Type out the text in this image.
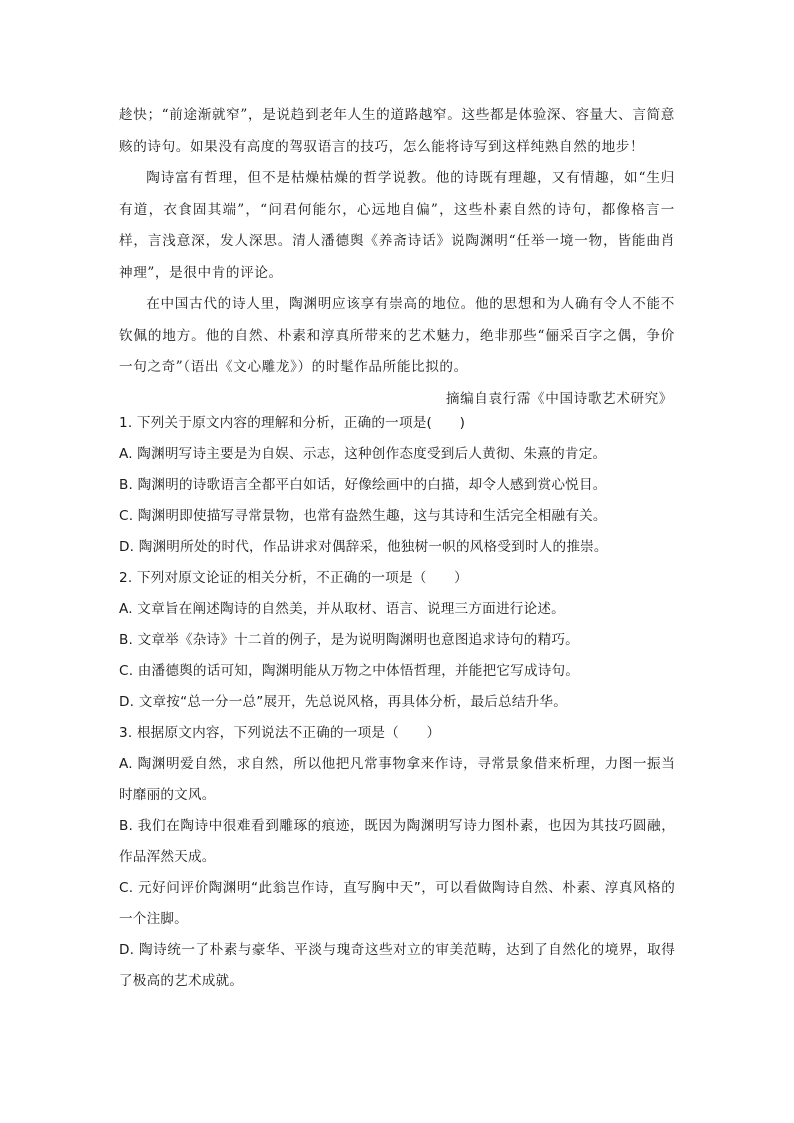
趁快；“前途渐就窄”，是说趋到老年人生的道路越窄。这些都是体验深、容量大、言简意赅的诗句。如果没有高度的驾驭语言的技巧，怎么能将诗写到这样纯熟自然的地步！

陶诗富有哲理，但不是枯燥枯燥的哲学说教。他的诗既有理趣，又有情趣，如“生归有道，衣食固其端”，“问君何能尔，心远地自偏”，这些朴素自然的诗句，都像格言一样，言浅意深，发人深思。清人潘德舆《养斋诗话》说陶渊明“任举一境一物，皆能曲肖神理”，是很中肯的评论。

在中国古代的诗人里，陶渊明应该享有崇高的地位。他的思想和为人确有令人不能不钦佩的地方。他的自然、朴素和淳真所带来的艺术魅力，绝非那些“俪采百字之偶，争价一句之奇”（语出《文心雕龙》）的时髦作品所能比拟的。

摘编自袁行霈《中国诗歌艺术研究》

1. 下列关于原文内容的理解和分析，正确的一项是(　　)

A. 陶渊明写诗主要是为自娱、示志，这种创作态度受到后人黄彻、朱熹的肯定。

B. 陶渊明的诗歌语言全都平白如话，好像绘画中的白描，却令人感到赏心悦目。

C. 陶渊明即使描写寻常景物，也常有盎然生趣，这与其诗和生活完全相融有关。

D. 陶渊明所处的时代，作品讲求对偶辞采，他独树一帜的风格受到时人的推崇。

2. 下列对原文论证的相关分析，不正确的一项是（　　）

A. 文章旨在阐述陶诗的自然美，并从取材、语言、说理三方面进行论述。

B. 文章举《杂诗》十二首的例子，是为说明陶渊明也意图追求诗句的精巧。

C. 由潘德舆的话可知，陶渊明能从万物之中体悟哲理，并能把它写成诗句。

D. 文章按“总一分一总”展开，先总说风格，再具体分析，最后总结升华。

3. 根据原文内容，下列说法不正确的一项是（　　）

A. 陶渊明爱自然，求自然，所以他把凡常事物拿来作诗，寻常景象借来析理，力图一振当时靡丽的文风。

B. 我们在陶诗中很难看到雕琢的痕迹，既因为陶渊明写诗力图朴素，也因为其技巧圆融，作品浑然天成。

C. 元好问评价陶渊明“此翁岂作诗，直写胸中天”，可以看做陶诗自然、朴素、淳真风格的一个注脚。

D. 陶诗统一了朴素与豪华、平淡与瑰奇这些对立的审美范畴，达到了自然化的境界，取得了极高的艺术成就。
